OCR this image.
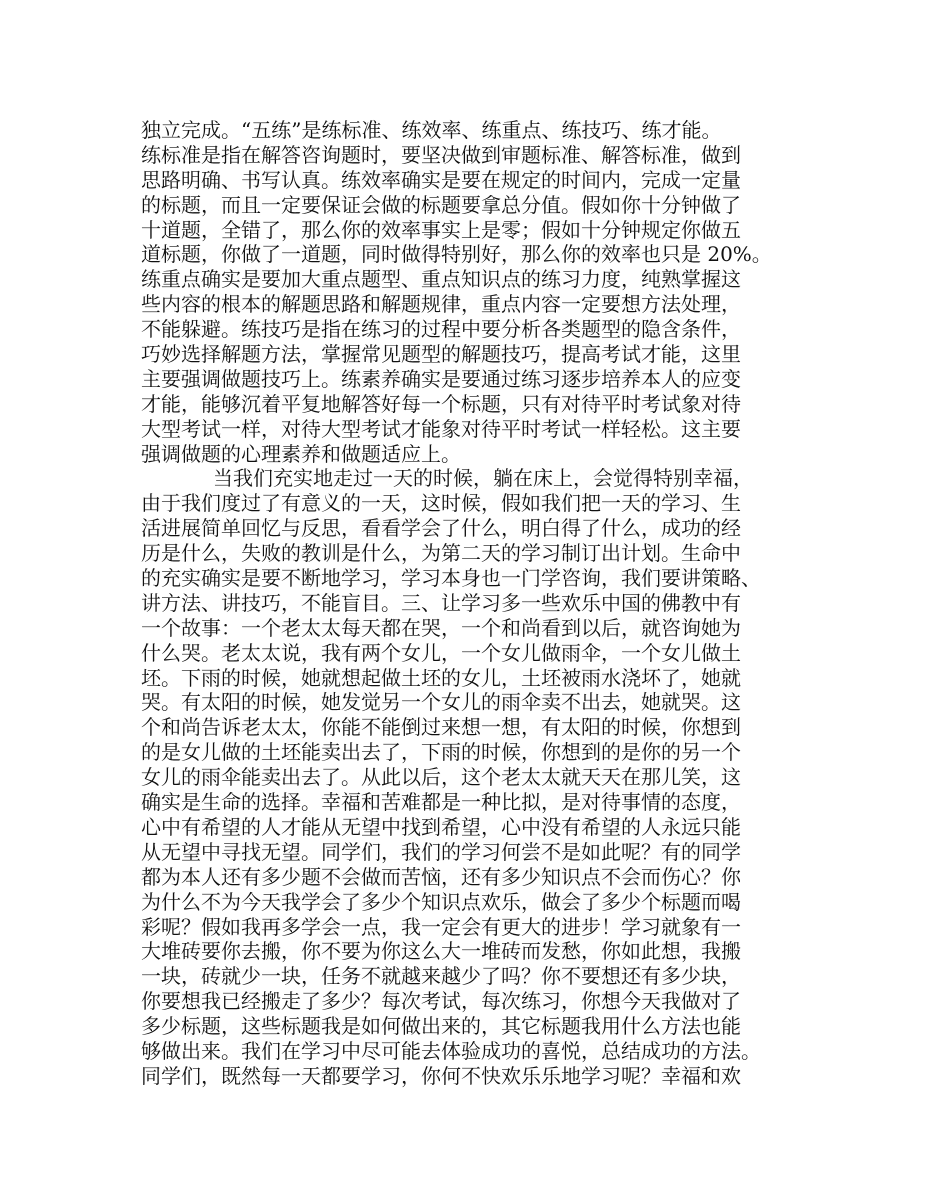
独立完成。“五练”是练标准、练效率、练重点、练技巧、练才能。
练标准是指在解答咨询题时，要坚决做到审题标准、解答标准，做到
思路明确、书写认真。练效率确实是要在规定的时间内，完成一定量
的标题，而且一定要保证会做的标题要拿总分值。假如你十分钟做了
十道题，全错了，那么你的效率事实上是零；假如十分钟规定你做五
道标题，你做了一道题，同时做得特别好，那么你的效率也只是 20%。
练重点确实是要加大重点题型、重点知识点的练习力度，纯熟掌握这
些内容的根本的解题思路和解题规律，重点内容一定要想方法处理，
不能躲避。练技巧是指在练习的过程中要分析各类题型的隐含条件，
巧妙选择解题方法，掌握常见题型的解题技巧，提高考试才能，这里
主要强调做题技巧上。练素养确实是要通过练习逐步培养本人的应变
才能，能够沉着平复地解答好每一个标题，只有对待平时考试象对待
大型考试一样，对待大型考试才能象对待平时考试一样轻松。这主要
强调做题的心理素养和做题适应上。
当我们充实地走过一天的时候，躺在床上，会觉得特别幸福，
由于我们度过了有意义的一天，这时候，假如我们把一天的学习、生
活进展简单回忆与反思，看看学会了什么，明白得了什么，成功的经
历是什么，失败的教训是什么，为第二天的学习制订出计划。生命中
的充实确实是要不断地学习，学习本身也一门学咨询，我们要讲策略、
讲方法、讲技巧，不能盲目。三、让学习多一些欢乐中国的佛教中有
一个故事：一个老太太每天都在哭，一个和尚看到以后，就咨询她为
什么哭。老太太说，我有两个女儿，一个女儿做雨伞，一个女儿做土
坯。下雨的时候，她就想起做土坯的女儿，土坯被雨水浇坏了，她就
哭。有太阳的时候，她发觉另一个女儿的雨伞卖不出去，她就哭。这
个和尚告诉老太太，你能不能倒过来想一想，有太阳的时候，你想到
的是女儿做的土坯能卖出去了，下雨的时候，你想到的是你的另一个
女儿的雨伞能卖出去了。从此以后，这个老太太就天天在那儿笑，这
确实是生命的选择。幸福和苦难都是一种比拟，是对待事情的态度，
心中有希望的人才能从无望中找到希望，心中没有希望的人永远只能
从无望中寻找无望。同学们，我们的学习何尝不是如此呢？有的同学
都为本人还有多少题不会做而苦恼，还有多少知识点不会而伤心？你
为什么不为今天我学会了多少个知识点欢乐，做会了多少个标题而喝
彩呢？假如我再多学会一点，我一定会有更大的进步！学习就象有一
大堆砖要你去搬，你不要为你这么大一堆砖而发愁，你如此想，我搬
一块，砖就少一块，任务不就越来越少了吗？你不要想还有多少块，
你要想我已经搬走了多少？每次考试，每次练习，你想今天我做对了
多少标题，这些标题我是如何做出来的，其它标题我用什么方法也能
够做出来。我们在学习中尽可能去体验成功的喜悦，总结成功的方法。
同学们，既然每一天都要学习，你何不快欢乐乐地学习呢？幸福和欢
